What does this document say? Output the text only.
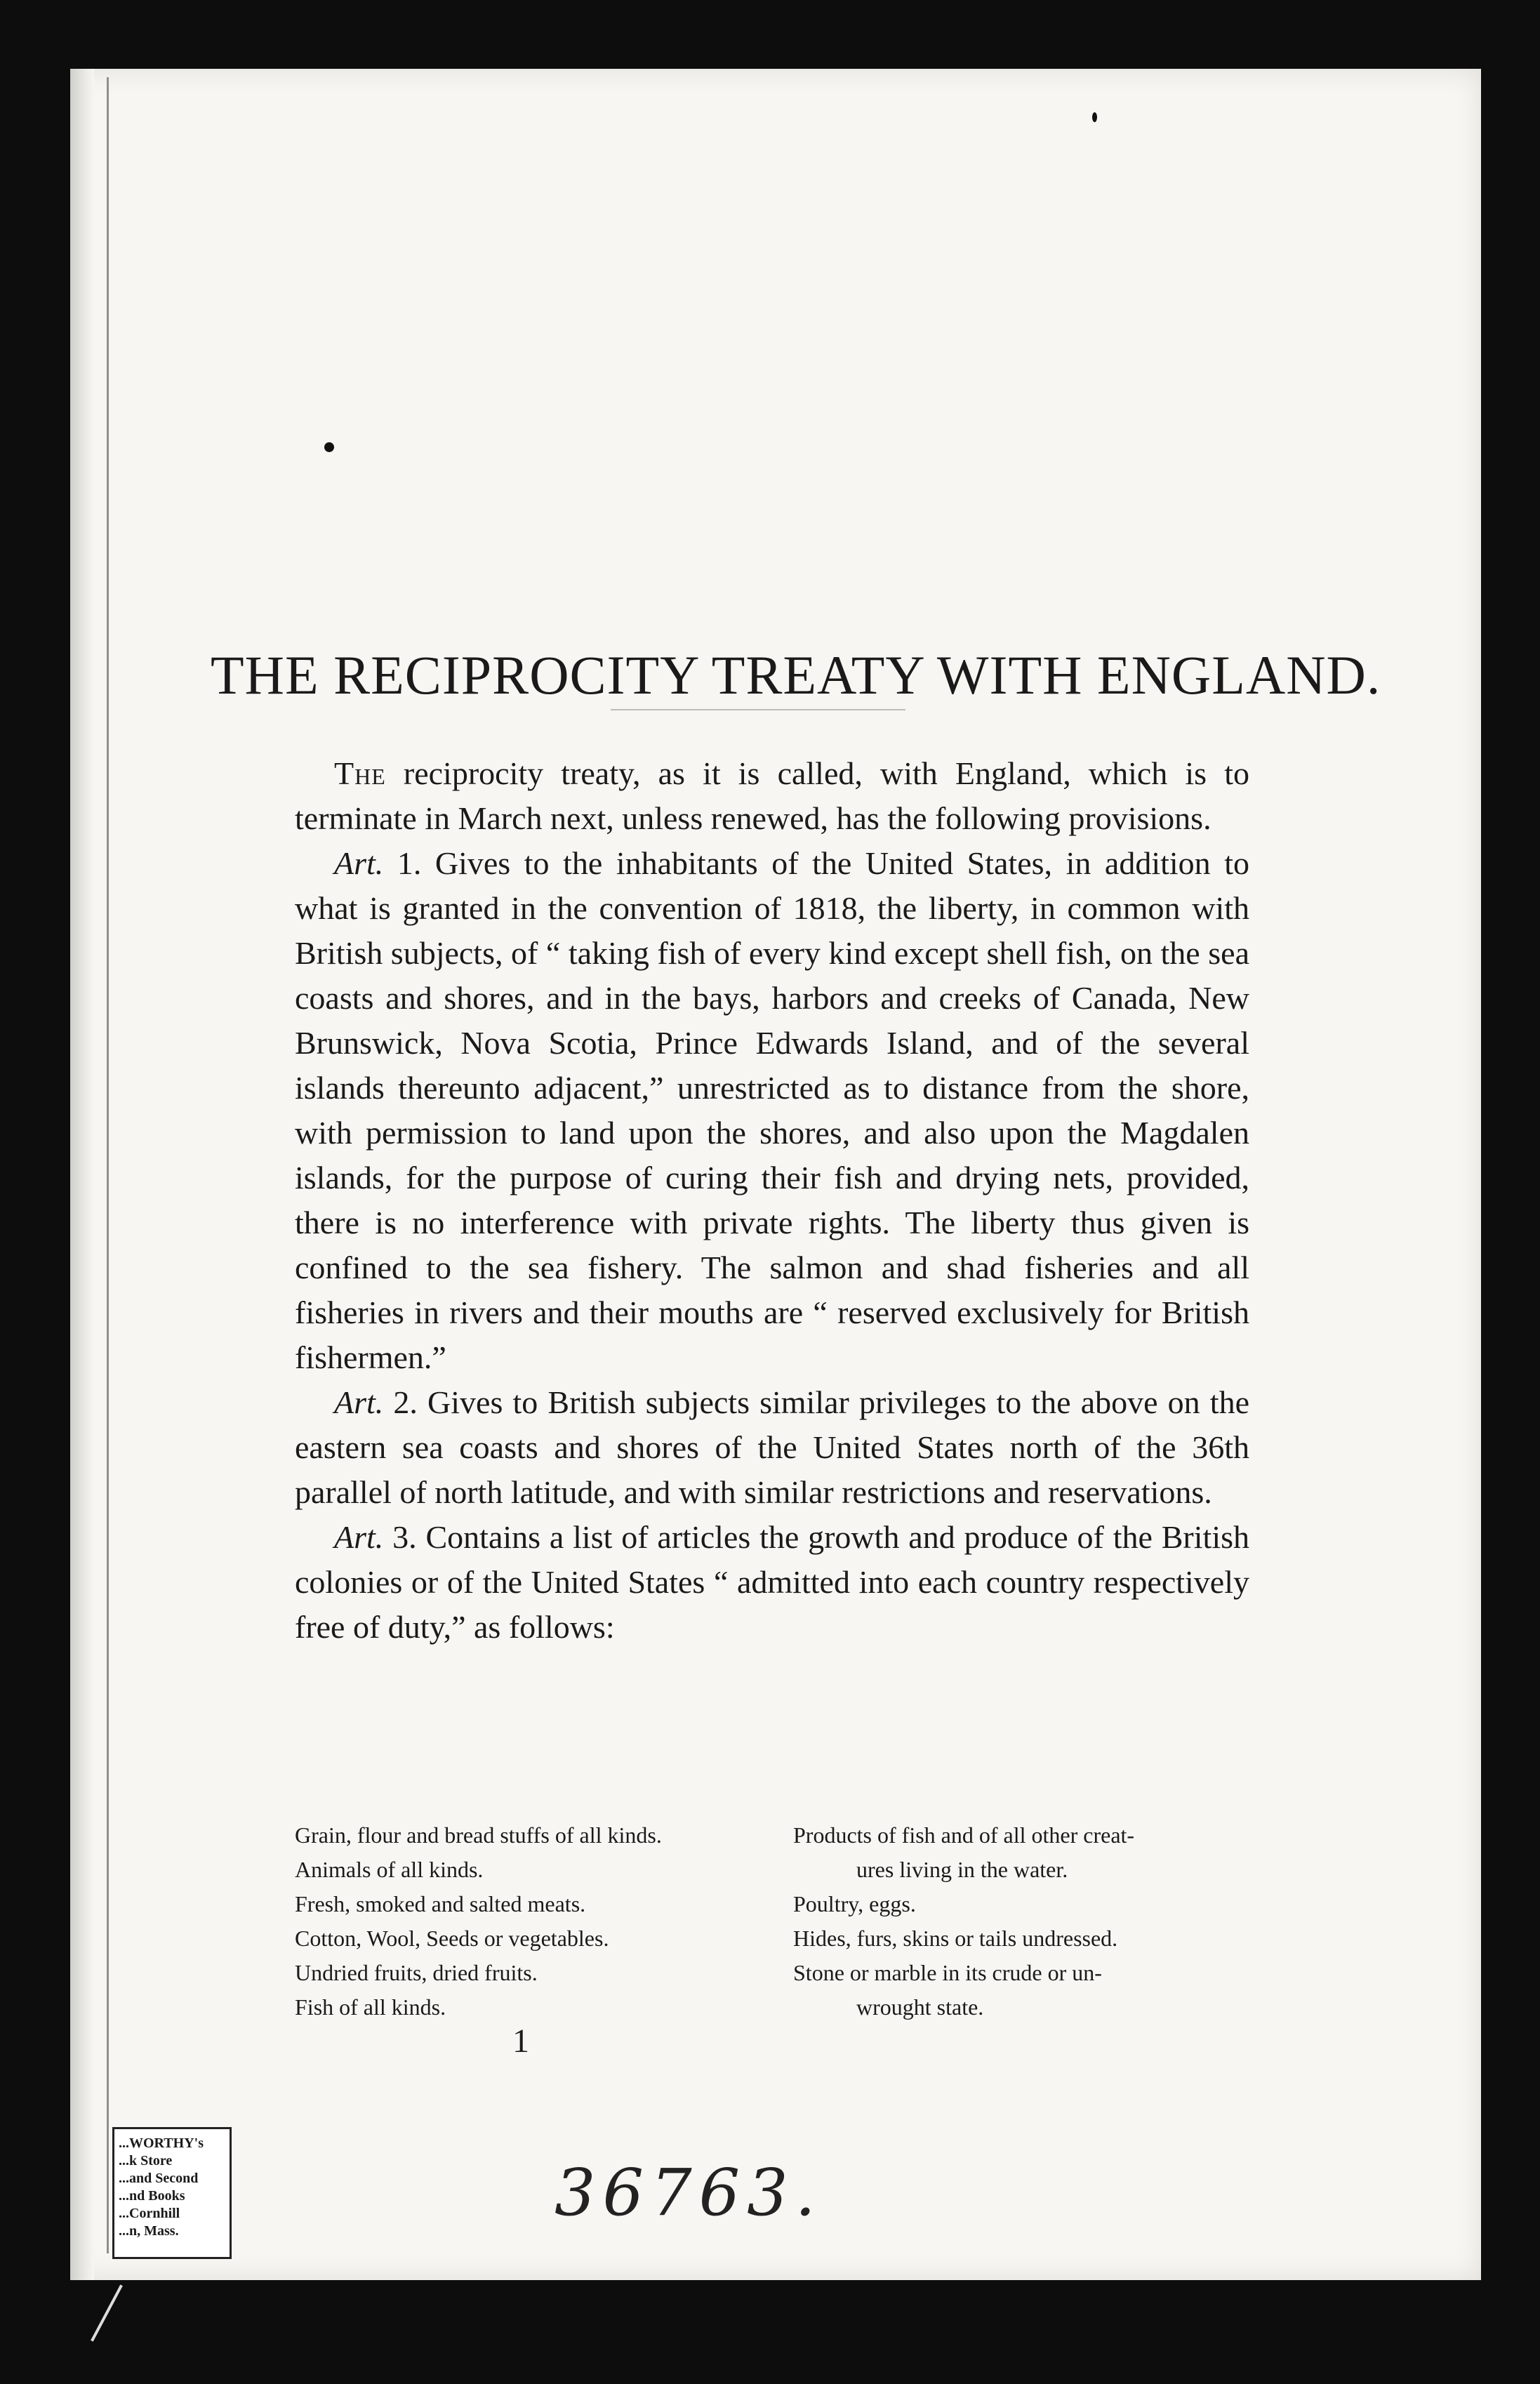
THE RECIPROCITY TREATY WITH ENGLAND.

The reciprocity treaty, as it is called, with England, which is to terminate in March next, unless renewed, has the following provisions.

Art. 1. Gives to the inhabitants of the United States, in addition to what is granted in the convention of 1818, the liberty, in common with British subjects, of “ taking fish of every kind except shell fish, on the sea coasts and shores, and in the bays, harbors and creeks of Canada, New Brunswick, Nova Scotia, Prince Edwards Island, and of the several islands thereunto adjacent,” unrestricted as to distance from the shore, with permission to land upon the shores, and also upon the Magdalen islands, for the purpose of curing their fish and drying nets, provided, there is no interference with private rights. The liberty thus given is confined to the sea fishery. The salmon and shad fisheries and all fisheries in rivers and their mouths are “ reserved exclusively for British fishermen.”

Art. 2. Gives to British subjects similar privileges to the above on the eastern sea coasts and shores of the United States north of the 36th parallel of north latitude, and with similar restrictions and reservations.

Art. 3. Contains a list of articles the growth and produce of the British colonies or of the United States “ admitted into each country respectively free of duty,” as follows:

Grain, flour and bread stuffs of all kinds.
Animals of all kinds.
Fresh, smoked and salted meats.
Cotton, Wool, Seeds or vegetables.
Undried fruits, dried fruits.
Fish of all kinds.
Products of fish and of all other creat-
ures living in the water.
Poultry, eggs.
Hides, furs, skins or tails undressed.
Stone or marble in its crude or un-
wrought state.
1
...WORTHY's
...k Store
...and Second
...nd Books
...Cornhill
...n, Mass.
36763.
